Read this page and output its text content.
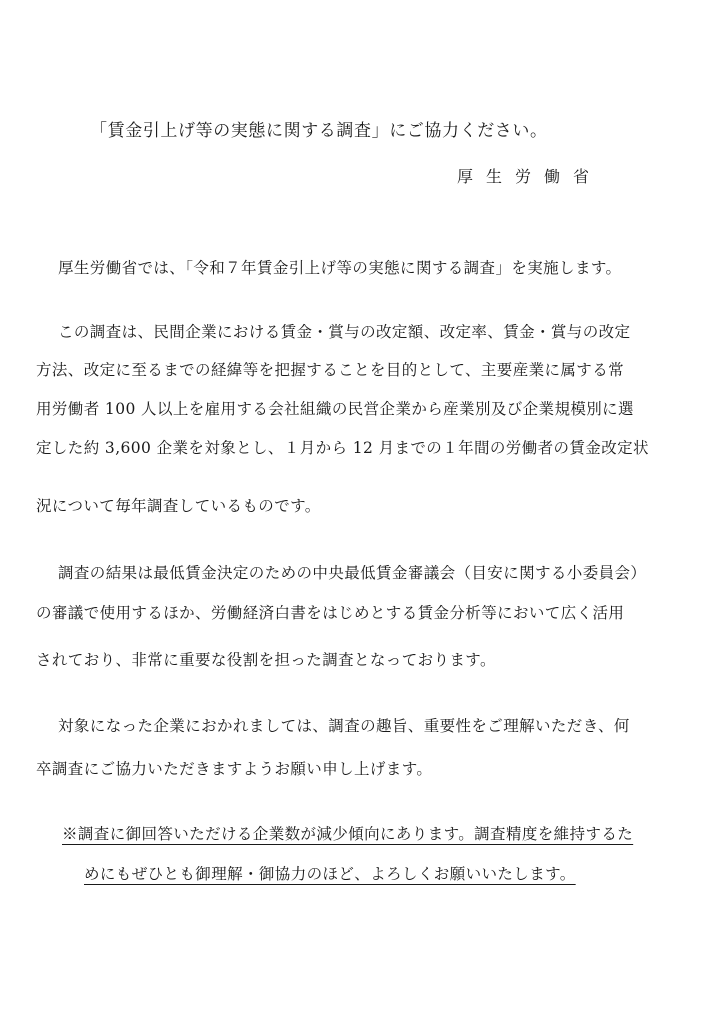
「賃金引上げ等の実態に関する調査」にご協力ください。
厚生労働省
厚生労働省では、「令和７年賃金引上げ等の実態に関する調査」を実施します。
この調査は、民間企業における賃金・賞与の改定額、改定率、賃金・賞与の改定
方法、改定に至るまでの経緯等を把握することを目的として、主要産業に属する常
用労働者 100 人以上を雇用する会社組織の民営企業から産業別及び企業規模別に選
定した約 3,600 企業を対象とし、１月から 12 月までの１年間の労働者の賃金改定状
況について毎年調査しているものです。
調査の結果は最低賃金決定のための中央最低賃金審議会（目安に関する小委員会）
の審議で使用するほか、労働経済白書をはじめとする賃金分析等において広く活用
されており、非常に重要な役割を担った調査となっております。
対象になった企業におかれましては、調査の趣旨、重要性をご理解いただき、何
卒調査にご協力いただきますようお願い申し上げます。
※調査に御回答いただける企業数が減少傾向にあります。調査精度を維持するた
めにもぜひとも御理解・御協力のほど、よろしくお願いいたします。
